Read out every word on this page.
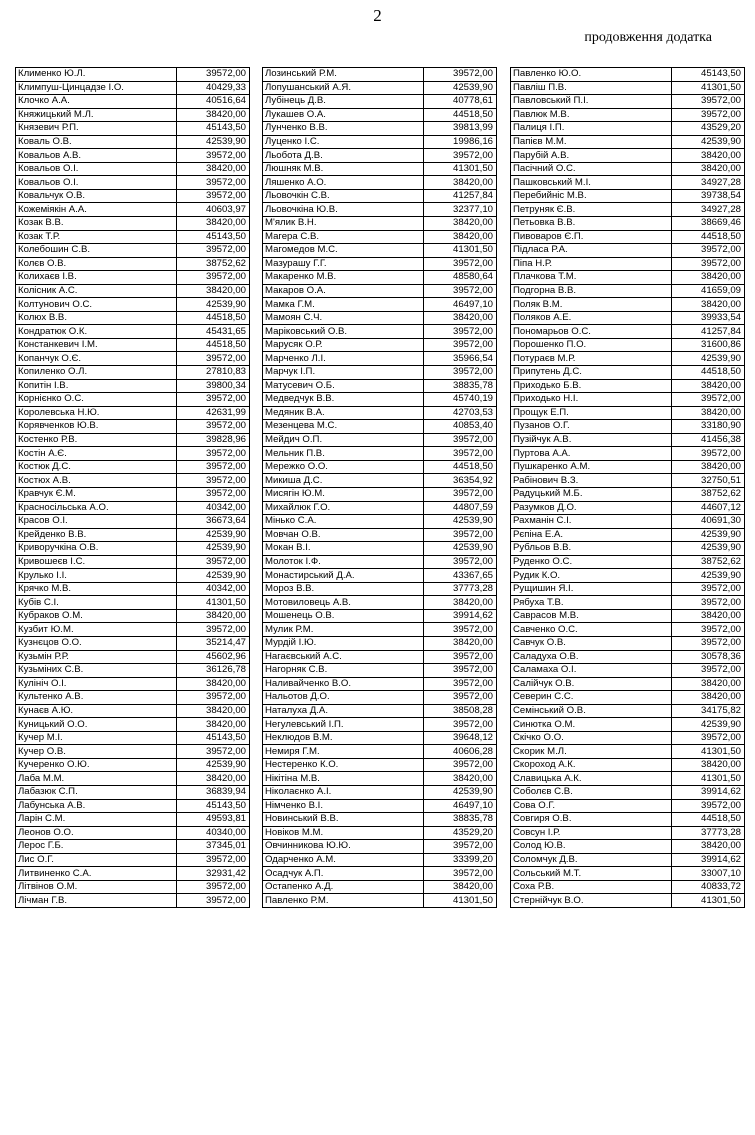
2
продовження додатка
Клименко Ю.Л.	39572,00
Климпуш-Цинцадзе І.О.	40429,33
Клочко А.А.	40516,64
Княжицький М.Л.	38420,00
Князевич Р.П.	45143,50
Коваль О.В.	42539,90
Ковальов А.В.	39572,00
Ковальов О.І.	38420,00
Ковальов О.І.	39572,00
Ковальчук О.В.	39572,00
Кожеміякін А.А.	40603,97
Козак В.В.	38420,00
Козак Т.Р.	45143,50
Колебошин С.В.	39572,00
Колєв О.В.	38752,62
Колихаєв І.В.	39572,00
Колісник А.С.	38420,00
Колтунович О.С.	42539,90
Колюх В.В.	44518,50
Кондратюк О.К.	45431,65
Констанкевич І.М.	44518,50
Копанчук О.Є.	39572,00
Копиленко О.Л.	27810,83
Копитін І.В.	39800,34
Корнієнко О.С.	39572,00
Королевська Н.Ю.	42631,99
Корявченков Ю.В.	39572,00
Костенко Р.В.	39828,96
Костін А.Є.	39572,00
Костюк Д.С.	39572,00
Костюх А.В.	39572,00
Кравчук Є.М.	39572,00
Красносільська А.О.	40342,00
Красов О.І.	36673,64
Крейденко В.В.	42539,90
Криворучкіна О.В.	42539,90
Кривошеєв І.С.	39572,00
Крулько І.І.	42539,90
Крячко М.В.	40342,00
Кубів С.І.	41301,50
Кубраков О.М.	38420,00
Кузбит Ю.М.	39572,00
Кузнєцов О.О.	35214,47
Кузьмін Р.Р.	45602,96
Кузьміних С.В.	36126,78
Кулініч О.І.	38420,00
Культенко А.В.	39572,00
Кунаєв А.Ю.	38420,00
Куницький О.О.	38420,00
Кучер М.І.	45143,50
Кучер О.В.	39572,00
Кучеренко О.Ю.	42539,90
Лаба М.М.	38420,00
Лабазюк С.П.	36839,94
Лабунська А.В.	45143,50
Ларін С.М.	49593,81
Леонов О.О.	40340,00
Лерос Г.Б.	37345,01
Лис О.Г.	39572,00
Литвиненко С.А.	32931,42
Літвінов О.М.	39572,00
Лічман Г.В.	39572,00
Лозинський Р.М.	39572,00
Лопушанський А.Я.	42539,90
Лубінець Д.В.	40778,61
Лукашев О.А.	44518,50
Лунченко В.В.	39813,99
Луценко І.С.	19986,16
Льобота Д.В.	39572,00
Люшняк М.В.	41301,50
Ляшенко А.О.	38420,00
Льовочкін С.В.	41257,84
Льовочкіна Ю.В.	32377,10
М'ялик В.Н.	38420,00
Магера С.В.	38420,00
Магомедов М.С.	41301,50
Мазурашу Г.Г.	39572,00
Макаренко М.В.	48580,64
Макаров О.А.	39572,00
Мамка Г.М.	46497,10
Мамоян С.Ч.	38420,00
Маріковський О.В.	39572,00
Марусяк О.Р.	39572,00
Марченко Л.І.	35966,54
Марчук І.П.	39572,00
Матусевич О.Б.	38835,78
Медведчук В.В.	45740,19
Медяник В.А.	42703,53
Мезенцева М.С.	40853,40
Мейдич О.П.	39572,00
Мельник П.В.	39572,00
Мережко О.О.	44518,50
Микиша Д.С.	36354,92
Мисягін Ю.М.	39572,00
Михайлюк Г.О.	44807,59
Мінько С.А.	42539,90
Мовчан О.В.	39572,00
Мокан В.І.	42539,90
Молоток І.Ф.	39572,00
Монастирський Д.А.	43367,65
Мороз В.В.	37773,28
Мотовиловець А.В.	38420,00
Мошенець О.В.	39914,62
Мулик Р.М.	39572,00
Мурдій І.Ю.	38420,00
Нагаєвський А.С.	39572,00
Нагорняк С.В.	39572,00
Наливайченко В.О.	39572,00
Нальотов Д.О.	39572,00
Наталуха Д.А.	38508,28
Негулевський І.П.	39572,00
Неклюдов В.М.	39648,12
Немиря Г.М.	40606,28
Нестеренко К.О.	39572,00
Нікітіна М.В.	38420,00
Ніколаєнко А.І.	42539,90
Німченко В.І.	46497,10
Новинський В.В.	38835,78
Новіков М.М.	43529,20
Овчинникова Ю.Ю.	39572,00
Одарченко А.М.	33399,20
Осадчук А.П.	39572,00
Остапенко А.Д.	38420,00
Павленко Р.М.	41301,50
Павленко Ю.О.	45143,50
Павліш П.В.	41301,50
Павловський П.І.	39572,00
Павлюк М.В.	39572,00
Палиця І.П.	43529,20
Папієв М.М.	42539,90
Парубій А.В.	38420,00
Пасічний О.С.	38420,00
Пашковський М.І.	34927,28
Перебийніс М.В.	39738,54
Петруняк Є.В.	34927,28
Петьовка В.В.	38669,46
Пивоваров Є.П.	44518,50
Підласа Р.А.	39572,00
Піпа Н.Р.	39572,00
Плачкова Т.М.	38420,00
Подгорна В.В.	41659,09
Поляк В.М.	38420,00
Поляков А.Е.	39933,54
Пономарьов О.С.	41257,84
Порошенко П.О.	31600,86
Потураєв М.Р.	42539,90
Припутень Д.С.	44518,50
Приходько Б.В.	38420,00
Приходько Н.І.	39572,00
Прощук Е.П.	38420,00
Пузанов О.Г.	33180,90
Пузійчук А.В.	41456,38
Пуртова А.А.	39572,00
Пушкаренко А.М.	38420,00
Рабінович В.З.	32750,51
Радуцький М.Б.	38752,62
Разумков Д.О.	44607,12
Рахманін С.І.	40691,30
Рєпіна Е.А.	42539,90
Рубльов В.В.	42539,90
Руденко О.С.	38752,62
Рудик К.О.	42539,90
Рущишин Я.І.	39572,00
Рябуха Т.В.	39572,00
Саврасов М.В.	38420,00
Савченко О.С.	39572,00
Савчук О.В.	39572,00
Саладуха О.В.	30578,36
Саламаха О.І.	39572,00
Салійчук О.В.	38420,00
Северин С.С.	38420,00
Семінський О.В.	34175,82
Синютка О.М.	42539,90
Скічко О.О.	39572,00
Скорик М.Л.	41301,50
Скороход А.К.	38420,00
Славицька А.К.	41301,50
Соболєв С.В.	39914,62
Сова О.Г.	39572,00
Совгиря О.В.	44518,50
Совсун І.Р.	37773,28
Солод Ю.В.	38420,00
Соломчук Д.В.	39914,62
Сольський М.Т.	33007,10
Соха Р.В.	40833,72
Стернійчук В.О.	41301,50
